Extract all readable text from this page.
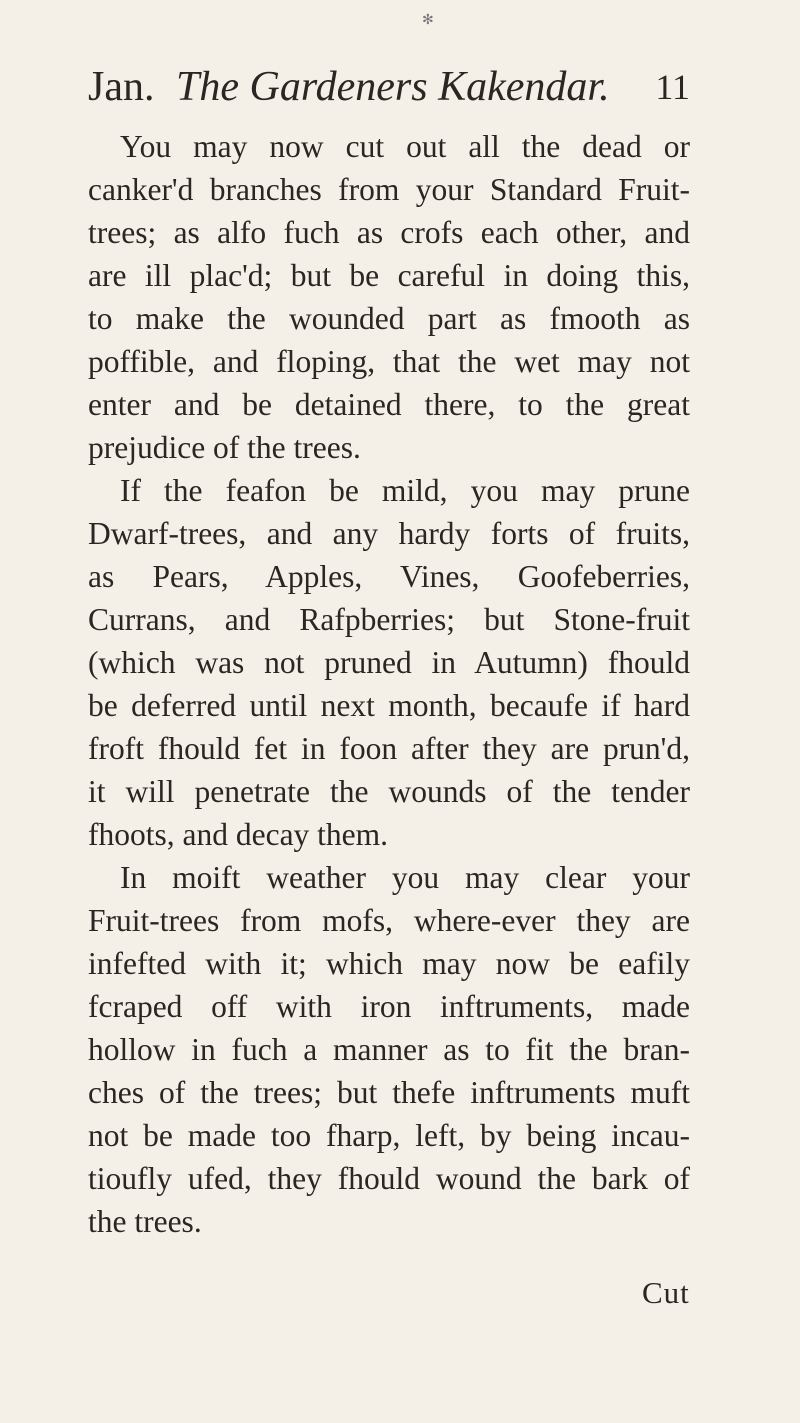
✻
Jan. The Gardeners Kakendar. 11
You may now cut out all the dead or
canker'd branches from your Standard Fruit-
trees; as alfo fuch as crofs each other, and
are ill plac'd; but be careful in doing this,
to make the wounded part as fmooth as
poffible, and floping, that the wet may not
enter and be detained there, to the great
prejudice of the trees.
If the feafon be mild, you may prune
Dwarf-trees, and any hardy forts of fruits,
as Pears, Apples, Vines, Goofeberries,
Currans, and Rafpberries; but Stone-fruit
(which was not pruned in Autumn) fhould
be deferred until next month, becaufe if hard
froft fhould fet in foon after they are prun'd,
it will penetrate the wounds of the tender
fhoots, and decay them.
In moift weather you may clear your
Fruit-trees from mofs, where-ever they are
infefted with it; which may now be eafily
fcraped off with iron inftruments, made
hollow in fuch a manner as to fit the bran-
ches of the trees; but thefe inftruments muft
not be made too fharp, left, by being incau-
tioufly ufed, they fhould wound the bark of
the trees.
Cut
